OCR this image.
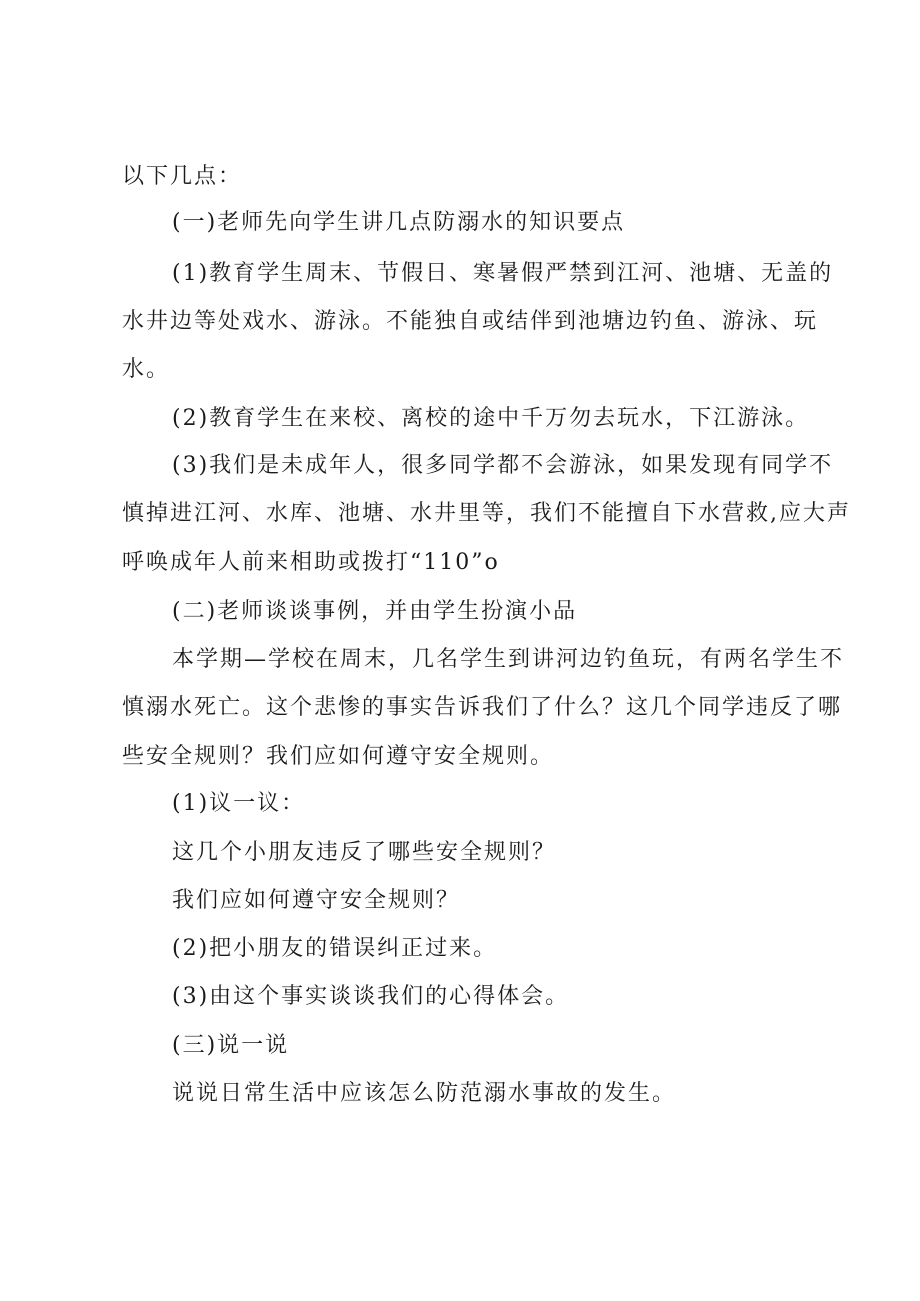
以下几点：
(一)老师先向学生讲几点防溺水的知识要点
(1)教育学生周末、节假日、寒暑假严禁到江河、池塘、无盖的
水井边等处戏水、游泳。不能独自或结伴到池塘边钓鱼、游泳、玩
水。
(2)教育学生在来校、离校的途中千万勿去玩水，下江游泳。
(3)我们是未成年人，很多同学都不会游泳，如果发现有同学不
慎掉进江河、水库、池塘、水井里等，我们不能擅自下水营救,应大声
呼唤成年人前来相助或拨打“110”o
(二)老师谈谈事例，并由学生扮演小品
本学期—学校在周末，几名学生到讲河边钓鱼玩，有两名学生不
慎溺水死亡。这个悲惨的事实告诉我们了什么？这几个同学违反了哪
些安全规则？我们应如何遵守安全规则。
(1)议一议：
这几个小朋友违反了哪些安全规则？
我们应如何遵守安全规则？
(2)把小朋友的错误纠正过来。
(3)由这个事实谈谈我们的心得体会。
(三)说一说
说说日常生活中应该怎么防范溺水事故的发生。
